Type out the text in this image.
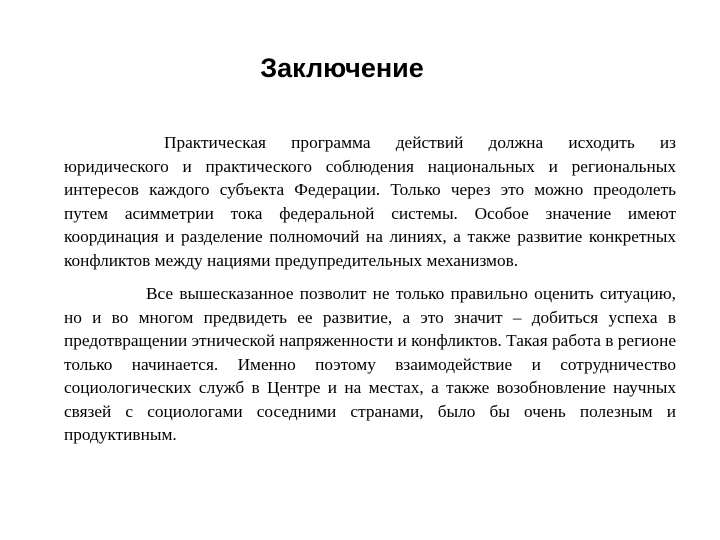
Заключение

Практическая программа действий должна исходить из юридического и практического соблюдения национальных и региональных интересов каждого субъекта Федерации. Только через это можно преодолеть путем асимметрии тока федеральной системы. Особое значение имеют координация и разделение полномочий на линиях, а также развитие конкретных конфликтов между нациями предупредительных механизмов.

Все вышесказанное позволит не только правильно оценить ситуацию, но и во многом предвидеть ее развитие, а это значит – добиться успеха в предотвращении этнической напряженности и конфликтов. Такая работа в регионе только начинается. Именно поэтому взаимодействие и сотрудничество социологических служб в Центре и на местах, а также возобновление научных связей с социологами соседними странами, было бы очень полезным и продуктивным.
